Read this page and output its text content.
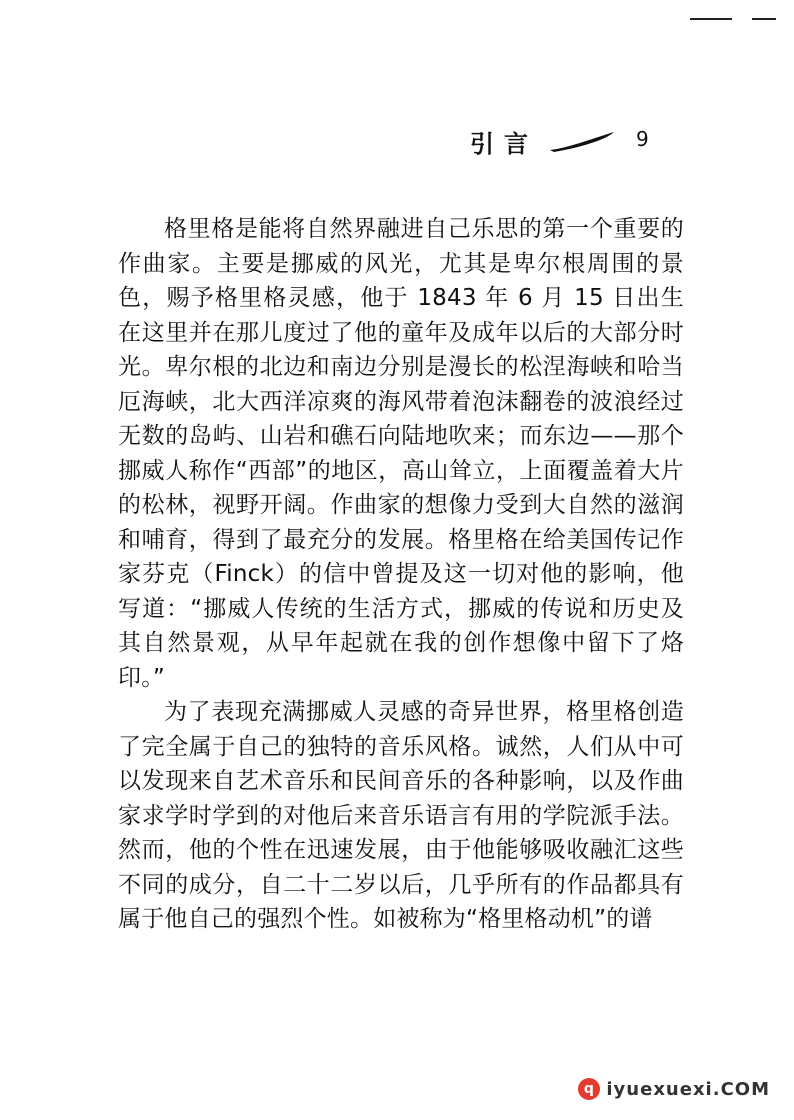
引言	9

格里格是能将自然界融进自己乐思的第一个重要的作曲家。主要是挪威的风光，尤其是卑尔根周围的景色，赐予格里格灵感，他于 1843 年 6 月 15 日出生在这里并在那儿度过了他的童年及成年以后的大部分时光。卑尔根的北边和南边分别是漫长的松涅海峡和哈当厄海峡，北大西洋凉爽的海风带着泡沫翻卷的波浪经过无数的岛屿、山岩和礁石向陆地吹来；而东边——那个挪威人称作“西部”的地区，高山耸立，上面覆盖着大片的松林，视野开阔。作曲家的想像力受到大自然的滋润和哺育，得到了最充分的发展。格里格在给美国传记作家芬克（Finck）的信中曾提及这一切对他的影响，他写道：“挪威人传统的生活方式，挪威的传说和历史及其自然景观，从早年起就在我的创作想像中留下了烙印。”

为了表现充满挪威人灵感的奇异世界，格里格创造了完全属于自己的独特的音乐风格。诚然，人们从中可以发现来自艺术音乐和民间音乐的各种影响，以及作曲家求学时学到的对他后来音乐语言有用的学院派手法。然而，他的个性在迅速发展，由于他能够吸收融汇这些不同的成分，自二十二岁以后，几乎所有的作品都具有属于他自己的强烈个性。如被称为“格里格动机”的谱

q iyuexuexi.COM
